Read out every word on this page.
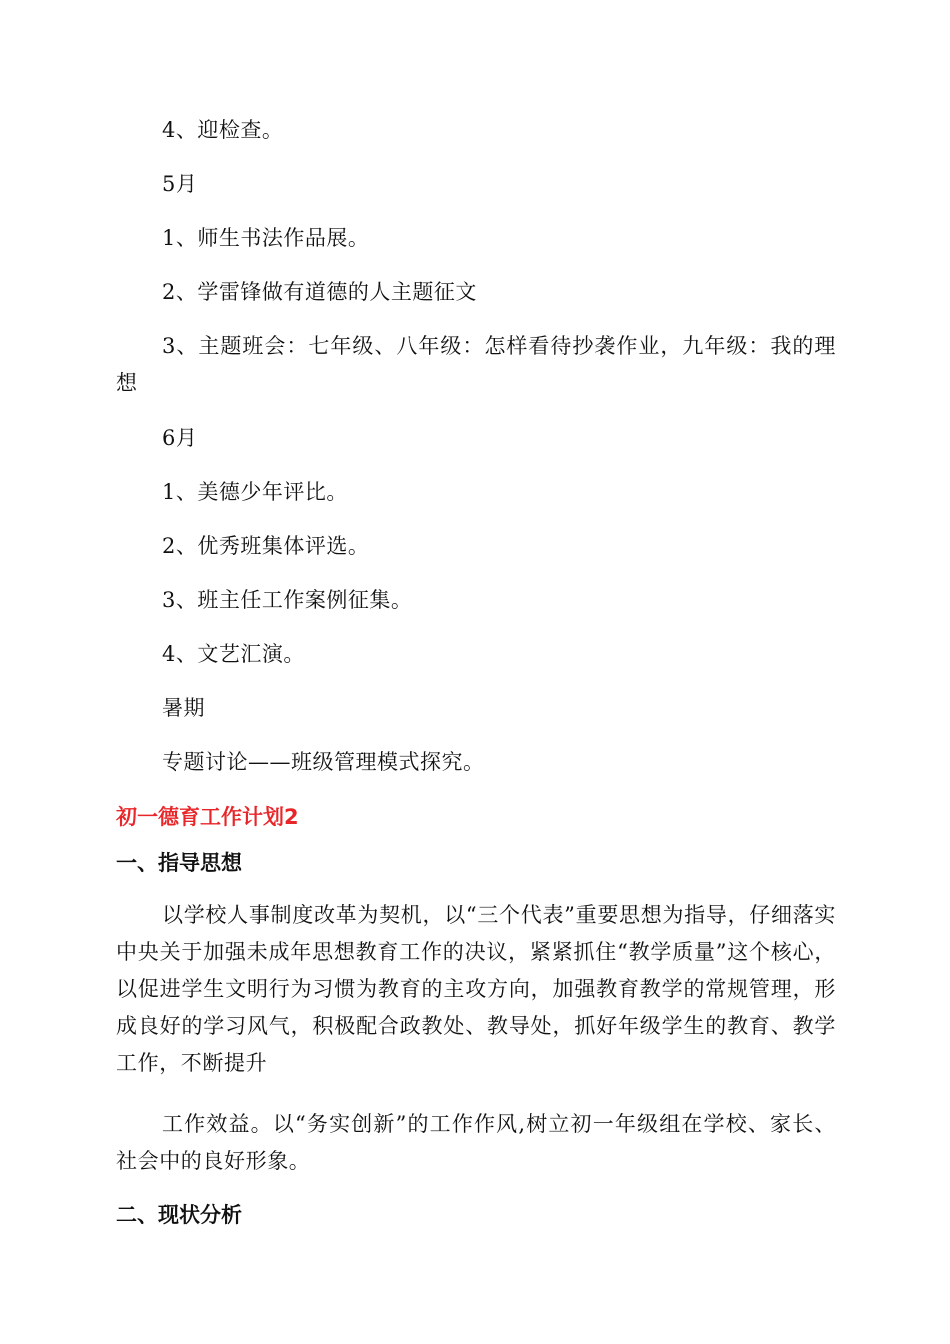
4、迎检查。
5月
1、师生书法作品展。
2、学雷锋做有道德的人主题征文
3、主题班会：七年级、八年级：怎样看待抄袭作业，九年级：我的理想
6月
1、美德少年评比。
2、优秀班集体评选。
3、班主任工作案例征集。
4、文艺汇演。
暑期
专题讨论——班级管理模式探究。
初一德育工作计划2
一、指导思想
以学校人事制度改革为契机，以“三个代表”重要思想为指导，仔细落实中央关于加强未成年思想教育工作的决议，紧紧抓住“教学质量”这个核心，以促进学生文明行为习惯为教育的主攻方向，加强教育教学的常规管理，形成良好的学习风气，积极配合政教处、教导处，抓好年级学生的教育、教学工作，不断提升
工作效益。以“务实创新”的工作作风,树立初一年级组在学校、家长、社会中的良好形象。
二、现状分析
